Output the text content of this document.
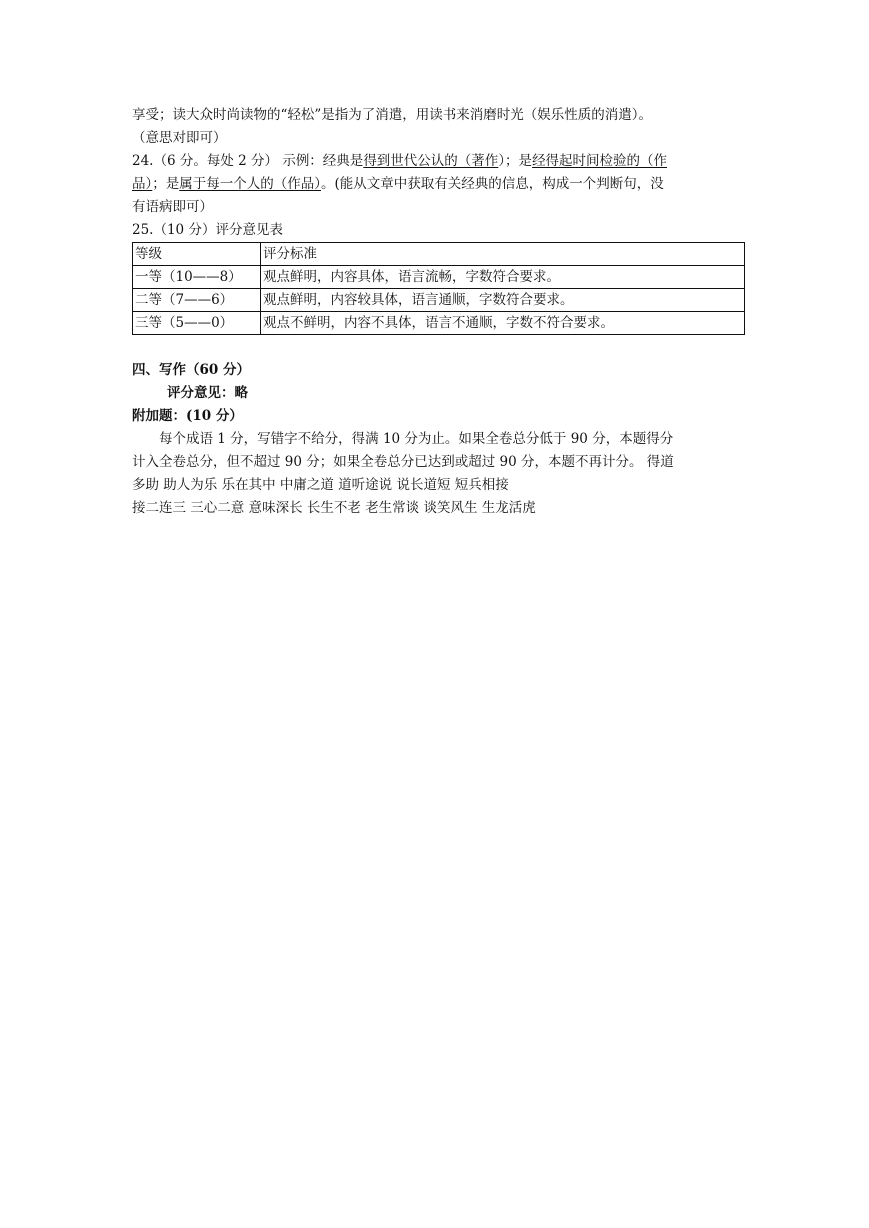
享受；读大众时尚读物的“轻松”是指为了消遣，用读书来消磨时光（娱乐性质的消遣）。
（意思对即可）
24.（6 分。每处 2 分） 示例：经典是得到世代公认的（著作）；是经得起时间检验的（作
品）；是属于每一个人的（作品）。(能从文章中获取有关经典的信息，构成一个判断句，没
有语病即可）
25.（10 分）评分意见表
等级	评分标准
一等（10——8）	观点鲜明，内容具体，语言流畅，字数符合要求。
二等（7——6）	观点鲜明，内容较具体，语言通顺，字数符合要求。
三等（5——0）	观点不鲜明，内容不具体，语言不通顺，字数不符合要求。
四、写作（60 分）
评分意见：略
附加题：(10 分）
每个成语 1 分，写错字不给分，得满 10 分为止。如果全卷总分低于 90 分，本题得分
计入全卷总分，但不超过 90 分；如果全卷总分已达到或超过 90 分，本题不再计分。 得道
多助 助人为乐 乐在其中 中庸之道 道听途说 说长道短 短兵相接
接二连三 三心二意 意味深长 长生不老 老生常谈 谈笑风生 生龙活虎
